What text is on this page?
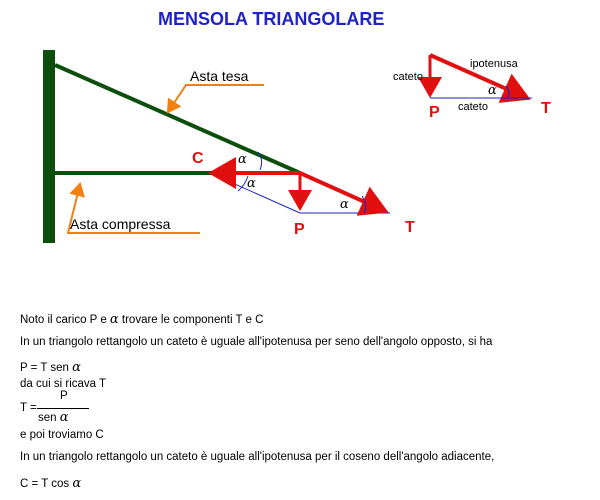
MENSOLA TRIANGOLARE
α
α
α
C
P	T
Asta tesa
Asta compressa
cateto
ipotenusa
cateto
α
P	T
Noto il carico P e α trovare le componenti T e C
In un triangolo rettangolo un cateto è uguale all'ipotenusa per seno dell'angolo opposto, si ha
P = T sen α
da cui si ricava T
T =
P
sen α
e poi troviamo C
In un triangolo rettangolo un cateto è uguale all'ipotenusa per il coseno dell'angolo adiacente,
C = T cos α
